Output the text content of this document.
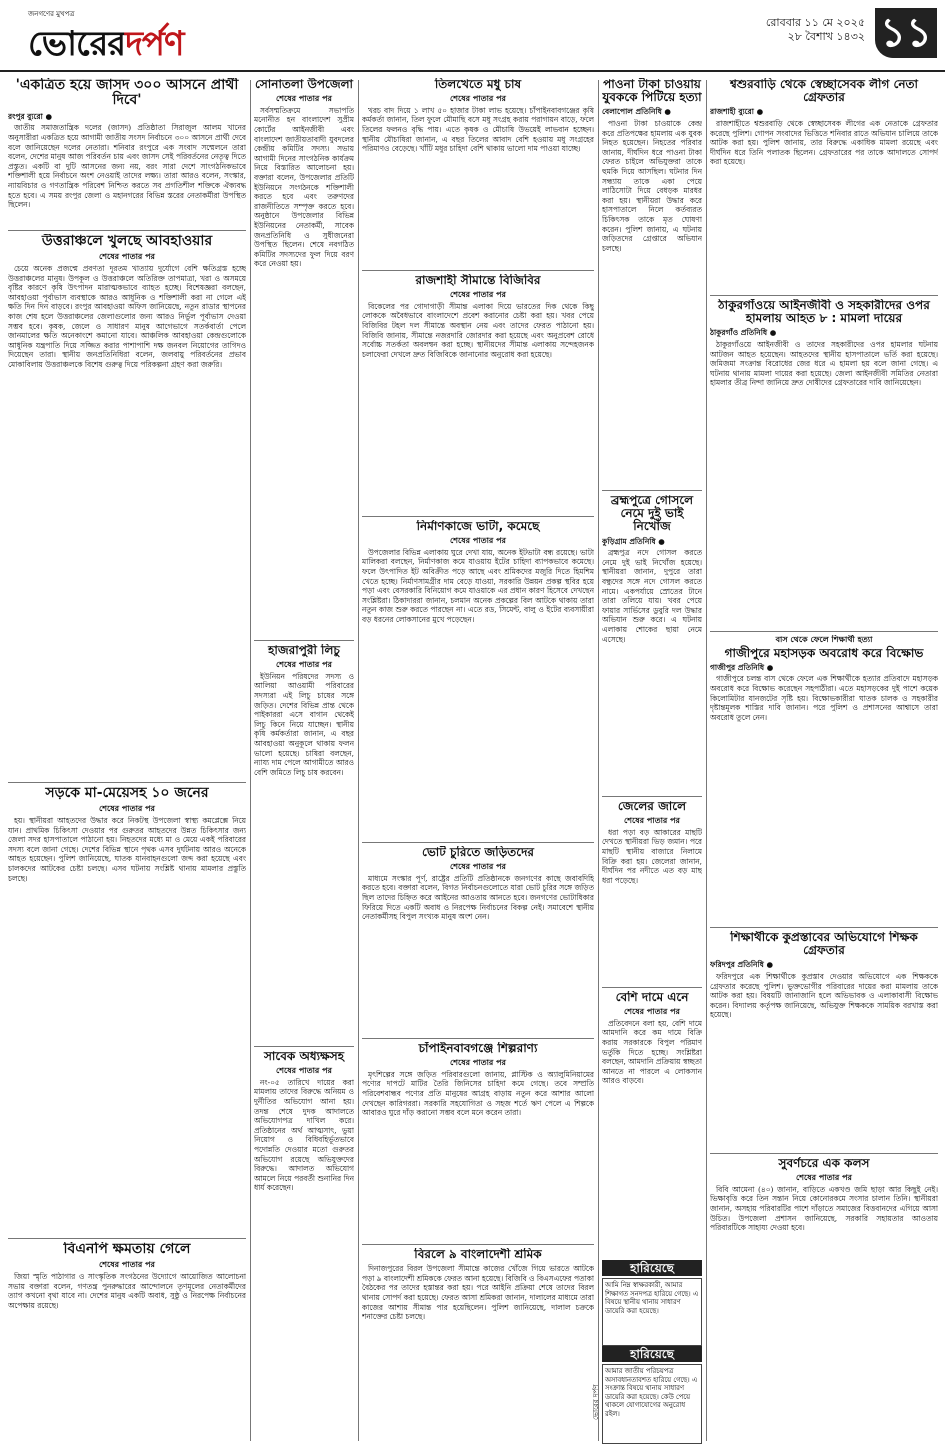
জনগণের মুখপত্র
ভোরেরদর্পণ
রোববার ১১ মে ২০২৫
২৮ বৈশাখ ১৪৩২ ১১
'একত্রিত হয়ে জাসদ ৩০০ আসনে প্রার্থী দিবে'
রংপুর ব্যুরো ●

জাতীয় সমাজতান্ত্রিক দলের (জাসদ) প্রতিষ্ঠাতা সিরাজুল আলম খানের অনুসারীরা একত্রিত হয়ে আগামী জাতীয় সংসদ নির্বাচনে ৩০০ আসনে প্রার্থী দেবে বলে জানিয়েছেন দলের নেতারা। শনিবার রংপুরে এক সংবাদ সম্মেলনে তারা বলেন, দেশের মানুষ আজ পরিবর্তন চায় এবং জাসদ সেই পরিবর্তনের নেতৃত্ব দিতে প্রস্তুত। একটি বা দুটি আসনের জন্য নয়, বরং সারা দেশে সাংগঠনিকভাবে শক্তিশালী হয়ে নির্বাচনে অংশ নেওয়াই তাদের লক্ষ্য। তারা আরও বলেন, সংস্কার, ন্যায়বিচার ও গণতান্ত্রিক পরিবেশ নিশ্চিত করতে সব প্রগতিশীল শক্তিকে ঐক্যবদ্ধ হতে হবে। এ সময় রংপুর জেলা ও মহানগরের বিভিন্ন স্তরের নেতাকর্মীরা উপস্থিত ছিলেন।

উত্তরাঞ্চলে খুলছে আবহাওয়ার
শেষের পাতার পর

চেয়ে অনেক প্রজন্মে প্রবণতা দূরতম খাত্যায় দুর্যোগে বেশি ক্ষতিগ্রস্ত হচ্ছে উত্তরাঞ্চলের মানুষ। উপকূল ও উত্তরাঞ্চলে অতিরিক্ত তাপমাত্রা, খরা ও অসময়ে বৃষ্টির কারণে কৃষি উৎপাদন মারাত্মকভাবে ব্যাহত হচ্ছে। বিশেষজ্ঞরা বলছেন, আবহাওয়া পূর্বাভাস ব্যবস্থাকে আরও আধুনিক ও শক্তিশালী করা না গেলে এই ক্ষতি দিন দিন বাড়বে। রংপুর আবহাওয়া অফিস জানিয়েছে, নতুন রাডার স্থাপনের কাজ শেষ হলে উত্তরাঞ্চলের জেলাগুলোর জন্য আরও নির্ভুল পূর্বাভাস দেওয়া সম্ভব হবে। কৃষক, জেলে ও সাধারণ মানুষ আগেভাগে সতর্কবার্তা পেলে জানমালের ক্ষতি অনেকাংশে কমানো যাবে। আঞ্চলিক আবহাওয়া কেন্দ্রগুলোকে আধুনিক যন্ত্রপাতি দিয়ে সজ্জিত করার পাশাপাশি দক্ষ জনবল নিয়োগের তাগিদও দিয়েছেন তারা। স্থানীয় জনপ্রতিনিধিরা বলেন, জলবায়ু পরিবর্তনের প্রভাব মোকাবিলায় উত্তরাঞ্চলকে বিশেষ গুরুত্ব দিয়ে পরিকল্পনা গ্রহণ করা জরুরি।

সড়কে মা-মেয়েসহ ১০ জনের
শেষের পাতার পর

হয়। স্থানীয়রা আহতদের উদ্ধার করে নিকটস্থ উপজেলা স্বাস্থ্য কমপ্লেক্সে নিয়ে যান। প্রাথমিক চিকিৎসা দেওয়ার পর গুরুতর আহতদের উন্নত চিকিৎসার জন্য জেলা সদর হাসপাতালে পাঠানো হয়। নিহতদের মধ্যে মা ও মেয়ে একই পরিবারের সদস্য বলে জানা গেছে। দেশের বিভিন্ন স্থানে পৃথক এসব দুর্ঘটনায় আরও অনেকে আহত হয়েছেন। পুলিশ জানিয়েছে, ঘাতক যানবাহনগুলো জব্দ করা হয়েছে এবং চালকদের আটকের চেষ্টা চলছে। এসব ঘটনায় সংশ্লিষ্ট থানায় মামলার প্রস্তুতি চলছে।

বিএনপি ক্ষমতায় গেলে
শেষের পাতার পর

জিয়া স্মৃতি পাঠাগার ও সাংস্কৃতিক সংগঠনের উদ্যোগে আয়োজিত আলোচনা সভায় বক্তারা বলেন, গণতন্ত্র পুনরুদ্ধারের আন্দোলনে তৃণমূলের নেতাকর্মীদের ত্যাগ কখনো বৃথা যাবে না। দেশের মানুষ একটি অবাধ, সুষ্ঠু ও নিরপেক্ষ নির্বাচনের অপেক্ষায় রয়েছে।

সোনাতলা উপজেলা
শেষের পাতার পর

সর্বসম্মতিক্রমে সভাপতি মনোনীত হন বাংলাদেশ সুপ্রীম কোর্টের আইনজীবী এবং বাংলাদেশ জাতীয়তাবাদী যুবদলের কেন্দ্রীয় কমিটির সদস্য। সভায় আগামী দিনের সাংগঠনিক কার্যক্রম নিয়ে বিস্তারিত আলোচনা হয়। বক্তারা বলেন, উপজেলার প্রতিটি ইউনিয়নে সংগঠনকে শক্তিশালী করতে হবে এবং তরুণদের রাজনীতিতে সম্পৃক্ত করতে হবে। অনুষ্ঠানে উপজেলার বিভিন্ন ইউনিয়নের নেতাকর্মী, সাবেক জনপ্রতিনিধি ও সুধীজনেরা উপস্থিত ছিলেন। শেষে নবগঠিত কমিটির সদস্যদের ফুল দিয়ে বরণ করে নেওয়া হয়।

হাজরাপুরী লিচু
শেষের পাতার পর

ইউনিয়ন পরিষদের সদস্য ও আলিয়া আওয়ামী পরিবারের সদস্যরা এই লিচু চাষের সঙ্গে জড়িত। দেশের বিভিন্ন প্রান্ত থেকে পাইকাররা এসে বাগান থেকেই লিচু কিনে নিয়ে যাচ্ছেন। স্থানীয় কৃষি কর্মকর্তারা জানান, এ বছর আবহাওয়া অনুকূলে থাকায় ফলন ভালো হয়েছে। চাষিরা বলছেন, ন্যায্য দাম পেলে আগামীতে আরও বেশি জমিতে লিচু চাষ করবেন।

সাবেক অধ্যক্ষসহ
শেষের পাতার পর

নং-০৫ তারিখে দায়ের করা মামলায় তাদের বিরুদ্ধে অনিয়ম ও দুর্নীতির অভিযোগ আনা হয়। তদন্ত শেষে দুদক আদালতে অভিযোগপত্র দাখিল করে। প্রতিষ্ঠানের অর্থ আত্মসাৎ, ভুয়া নিয়োগ ও বিধিবহির্ভূতভাবে পদোন্নতি দেওয়ার মতো গুরুতর অভিযোগ রয়েছে অভিযুক্তদের বিরুদ্ধে। আদালত অভিযোগ আমলে নিয়ে পরবর্তী শুনানির দিন ধার্য করেছেন।

তিলখেতে মধু চাষ
শেষের পাতার পর

খরচ বাদ দিয়ে ১ লাখ ৫০ হাজার টাকা লাভ হয়েছে। চাঁপাইনবাবগঞ্জের কৃষি কর্মকর্তা জানান, তিল ফুলে মৌমাছি বসে মধু সংগ্রহ করায় পরাগায়ন বাড়ে, ফলে তিলের ফলনও বৃদ্ধি পায়। এতে কৃষক ও মৌচাষি উভয়েই লাভবান হচ্ছেন। স্থানীয় মৌচাষিরা জানান, এ বছর তিলের আবাদ বেশি হওয়ায় মধু সংগ্রহের পরিমাণও বেড়েছে। খাঁটি মধুর চাহিদা বেশি থাকায় ভালো দাম পাওয়া যাচ্ছে।

রাজশাহী সীমান্তে বিজিবির
শেষের পাতার পর

বিকেলের পর গোদাগাড়ী সীমান্ত এলাকা দিয়ে ভারতের দিক থেকে কিছু লোককে অবৈধভাবে বাংলাদেশে প্রবেশ করানোর চেষ্টা করা হয়। খবর পেয়ে বিজিবির টহল দল সীমান্তে অবস্থান নেয় এবং তাদের ফেরত পাঠানো হয়। বিজিবি জানায়, সীমান্তে নজরদারি জোরদার করা হয়েছে এবং অনুপ্রবেশ রোধে সর্বোচ্চ সতর্কতা অবলম্বন করা হচ্ছে। স্থানীয়দের সীমান্ত এলাকায় সন্দেহজনক চলাফেরা দেখলে দ্রুত বিজিবিকে জানানোর অনুরোধ করা হয়েছে।

নির্মাণকাজে ভাটা, কমেছে
শেষের পাতার পর

উপজেলার বিভিন্ন এলাকায় ঘুরে দেখা যায়, অনেক ইটভাটা বন্ধ রয়েছে। ভাটা মালিকরা বলছেন, নির্মাণকাজ কমে যাওয়ায় ইটের চাহিদা ব্যাপকভাবে কমেছে। ফলে উৎপাদিত ইট অবিক্রীত পড়ে আছে এবং শ্রমিকদের মজুরি দিতে হিমশিম খেতে হচ্ছে। নির্মাণসামগ্রীর দাম বেড়ে যাওয়া, সরকারি উন্নয়ন প্রকল্প স্থবির হয়ে পড়া এবং বেসরকারি বিনিয়োগ কমে যাওয়াকে এর প্রধান কারণ হিসেবে দেখছেন সংশ্লিষ্টরা। ঠিকাদাররা জানান, চলমান অনেক প্রকল্পের বিল আটকে থাকায় তারা নতুন কাজ শুরু করতে পারছেন না। এতে রড, সিমেন্ট, বালু ও ইটের ব্যবসায়ীরা বড় ধরনের লোকসানের মুখে পড়েছেন।

ভোট চুরিতে জড়িতদের
শেষের পাতার পর

মাধ্যমে সংস্কার পূর্ণ, রাষ্ট্রের প্রতিটি প্রতিষ্ঠানকে জনগণের কাছে জবাবদিহি করতে হবে। বক্তারা বলেন, বিগত নির্বাচনগুলোতে যারা ভোট চুরির সঙ্গে জড়িত ছিল তাদের চিহ্নিত করে আইনের আওতায় আনতে হবে। জনগণের ভোটাধিকার ফিরিয়ে দিতে একটি অবাধ ও নিরপেক্ষ নির্বাচনের বিকল্প নেই। সমাবেশে স্থানীয় নেতাকর্মীসহ বিপুল সংখ্যক মানুষ অংশ নেন।

চাঁপাইনবাবগঞ্জে শিল্পরাণ্য
শেষের পাতার পর

মৃৎশিল্পের সঙ্গে জড়িত পরিবারগুলো জানায়, প্লাস্টিক ও অ্যালুমিনিয়ামের পণ্যের দাপটে মাটির তৈরি জিনিসের চাহিদা কমে গেছে। তবে সম্প্রতি পরিবেশবান্ধব পণ্যের প্রতি মানুষের আগ্রহ বাড়ায় নতুন করে আশার আলো দেখছেন কারিগররা। সরকারি সহযোগিতা ও সহজ শর্তে ঋণ পেলে এ শিল্পকে আবারও ঘুরে দাঁড় করানো সম্ভব বলে মনে করেন তারা।

বিরলে ৯ বাংলাদেশী শ্রমিক

দিনাজপুরের বিরল উপজেলা সীমান্তে কাজের খোঁজে গিয়ে ভারতে আটকে পড়া ৯ বাংলাদেশী শ্রমিককে ফেরত আনা হয়েছে। বিজিবি ও বিএসএফের পতাকা বৈঠকের পর তাদের হস্তান্তর করা হয়। পরে আইনি প্রক্রিয়া শেষে তাদের বিরল থানায় সোপর্দ করা হয়েছে। ফেরত আসা শ্রমিকরা জানান, দালালের মাধ্যমে তারা কাজের আশায় সীমান্ত পার হয়েছিলেন। পুলিশ জানিয়েছে, দালাল চক্রকে শনাক্তের চেষ্টা চলছে।

পাওনা টাকা চাওয়ায় যুবককে পিটিয়ে হত্যা
বেলাপোল প্রতিনিধি ●

পাওনা টাকা চাওয়াকে কেন্দ্র করে প্রতিপক্ষের হামলায় এক যুবক নিহত হয়েছেন। নিহতের পরিবার জানায়, দীর্ঘদিন ধরে পাওনা টাকা ফেরত চাইলে অভিযুক্তরা তাকে হুমকি দিয়ে আসছিল। ঘটনার দিন সন্ধ্যায় তাকে একা পেয়ে লাঠিসোটা দিয়ে বেধড়ক মারধর করা হয়। স্থানীয়রা উদ্ধার করে হাসপাতালে নিলে কর্তব্যরত চিকিৎসক তাকে মৃত ঘোষণা করেন। পুলিশ জানায়, এ ঘটনায় জড়িতদের গ্রেপ্তারে অভিযান চলছে।

ব্রহ্মপুত্রে গোসলে নেমে দুই ভাই নিখোঁজ
কুড়িগ্রাম প্রতিনিধি ●

ব্রহ্মপুত্র নদে গোসল করতে নেমে দুই ভাই নিখোঁজ হয়েছে। স্থানীয়রা জানান, দুপুরে তারা বন্ধুদের সঙ্গে নদে গোসল করতে নামে। একপর্যায়ে স্রোতের টানে তারা তলিয়ে যায়। খবর পেয়ে ফায়ার সার্ভিসের ডুবুরি দল উদ্ধার অভিযান শুরু করে। এ ঘটনায় এলাকায় শোকের ছায়া নেমে এসেছে।

জেলের জালে
শেষের পাতার পর

ধরা পড়া বড় আকারের মাছটি দেখতে স্থানীয়রা ভিড় জমান। পরে মাছটি স্থানীয় বাজারে নিলামে বিক্রি করা হয়। জেলেরা জানান, দীর্ঘদিন পর নদীতে এত বড় মাছ ধরা পড়েছে।

বেশি দামে এনে
শেষের পাতার পর

প্রতিবেদনে বলা হয়, বেশি দামে আমদানি করে কম দামে বিক্রি করায় সরকারকে বিপুল পরিমাণ ভর্তুকি দিতে হচ্ছে। সংশ্লিষ্টরা বলছেন, আমদানি প্রক্রিয়ায় স্বচ্ছতা আনতে না পারলে এ লোকসান আরও বাড়বে।

হারিয়েছে
আমি নিম্ন স্বাক্ষরকারী, আমার শিক্ষাগত সনদপত্র হারিয়ে গেছে। এ বিষয়ে স্থানীয় থানায় সাধারণ ডায়েরি করা হয়েছে।
হারিয়েছে
আমার জাতীয় পরিচয়পত্র অসাবধানতাবশত হারিয়ে গেছে। এ সংক্রান্ত বিষয়ে থানায় সাধারণ ডায়েরি করা হয়েছে। কেউ পেয়ে থাকলে যোগাযোগের অনুরোধ রইল।
ভোরের দর্পণ
শ্বশুরবাড়ি থেকে স্বেচ্ছাসেবক লীগ নেতা গ্রেফতার
রাজশাহী ব্যুরো ●

রাজশাহীতে শ্বশুরবাড়ি থেকে স্বেচ্ছাসেবক লীগের এক নেতাকে গ্রেফতার করেছে পুলিশ। গোপন সংবাদের ভিত্তিতে শনিবার রাতে অভিযান চালিয়ে তাকে আটক করা হয়। পুলিশ জানায়, তার বিরুদ্ধে একাধিক মামলা রয়েছে এবং দীর্ঘদিন ধরে তিনি পলাতক ছিলেন। গ্রেফতারের পর তাকে আদালতে সোপর্দ করা হয়েছে।

ঠাকুরগাঁওয়ে আইনজীবী ও সহকারীদের ওপর হামলায় আহত ৮ : মামলা দায়ের
ঠাকুরগাঁও প্রতিনিধি ●

ঠাকুরগাঁওয়ে আইনজীবী ও তাদের সহকারীদের ওপর হামলার ঘটনায় আটজন আহত হয়েছেন। আহতদের স্থানীয় হাসপাতালে ভর্তি করা হয়েছে। জমিজমা সংক্রান্ত বিরোধের জের ধরে এ হামলা হয় বলে জানা গেছে। এ ঘটনায় থানায় মামলা দায়ের করা হয়েছে। জেলা আইনজীবী সমিতির নেতারা হামলার তীব্র নিন্দা জানিয়ে দ্রুত দোষীদের গ্রেফতারের দাবি জানিয়েছেন।

বাস থেকে ফেলে শিক্ষার্থী হত্যা
গাজীপুরে মহাসড়ক অবরোধ করে বিক্ষোভ
গাজীপুর প্রতিনিধি ●

গাজীপুরে চলন্ত বাস থেকে ফেলে এক শিক্ষার্থীকে হত্যার প্রতিবাদে মহাসড়ক অবরোধ করে বিক্ষোভ করেছেন সহপাঠীরা। এতে মহাসড়কের দুই পাশে কয়েক কিলোমিটার যানজটের সৃষ্টি হয়। বিক্ষোভকারীরা ঘাতক চালক ও সহকারীর দৃষ্টান্তমূলক শাস্তির দাবি জানান। পরে পুলিশ ও প্রশাসনের আশ্বাসে তারা অবরোধ তুলে নেন।

শিক্ষার্থীকে কুপ্রস্তাবের অভিযোগে শিক্ষক গ্রেফতার
ফরিদপুর প্রতিনিধি ●

ফরিদপুরে এক শিক্ষার্থীকে কুপ্রস্তাব দেওয়ার অভিযোগে এক শিক্ষককে গ্রেফতার করেছে পুলিশ। ভুক্তভোগীর পরিবারের দায়ের করা মামলায় তাকে আটক করা হয়। বিষয়টি জানাজানি হলে অভিভাবক ও এলাকাবাসী বিক্ষোভ করেন। বিদ্যালয় কর্তৃপক্ষ জানিয়েছে, অভিযুক্ত শিক্ষককে সাময়িক বরখাস্ত করা হয়েছে।

সুবর্ণচরে এক কলস
শেষের পাতার পর

বিবি আমেনা (৪০) জানান, বাড়িতে একখণ্ড জমি ছাড়া আর কিছুই নেই। ভিক্ষাবৃত্তি করে তিন সন্তান নিয়ে কোনোরকমে সংসার চালান তিনি। স্থানীয়রা জানান, অসহায় পরিবারটির পাশে দাঁড়াতে সমাজের বিত্তবানদের এগিয়ে আসা উচিত। উপজেলা প্রশাসন জানিয়েছে, সরকারি সহায়তার আওতায় পরিবারটিকে সাহায্য দেওয়া হবে।
